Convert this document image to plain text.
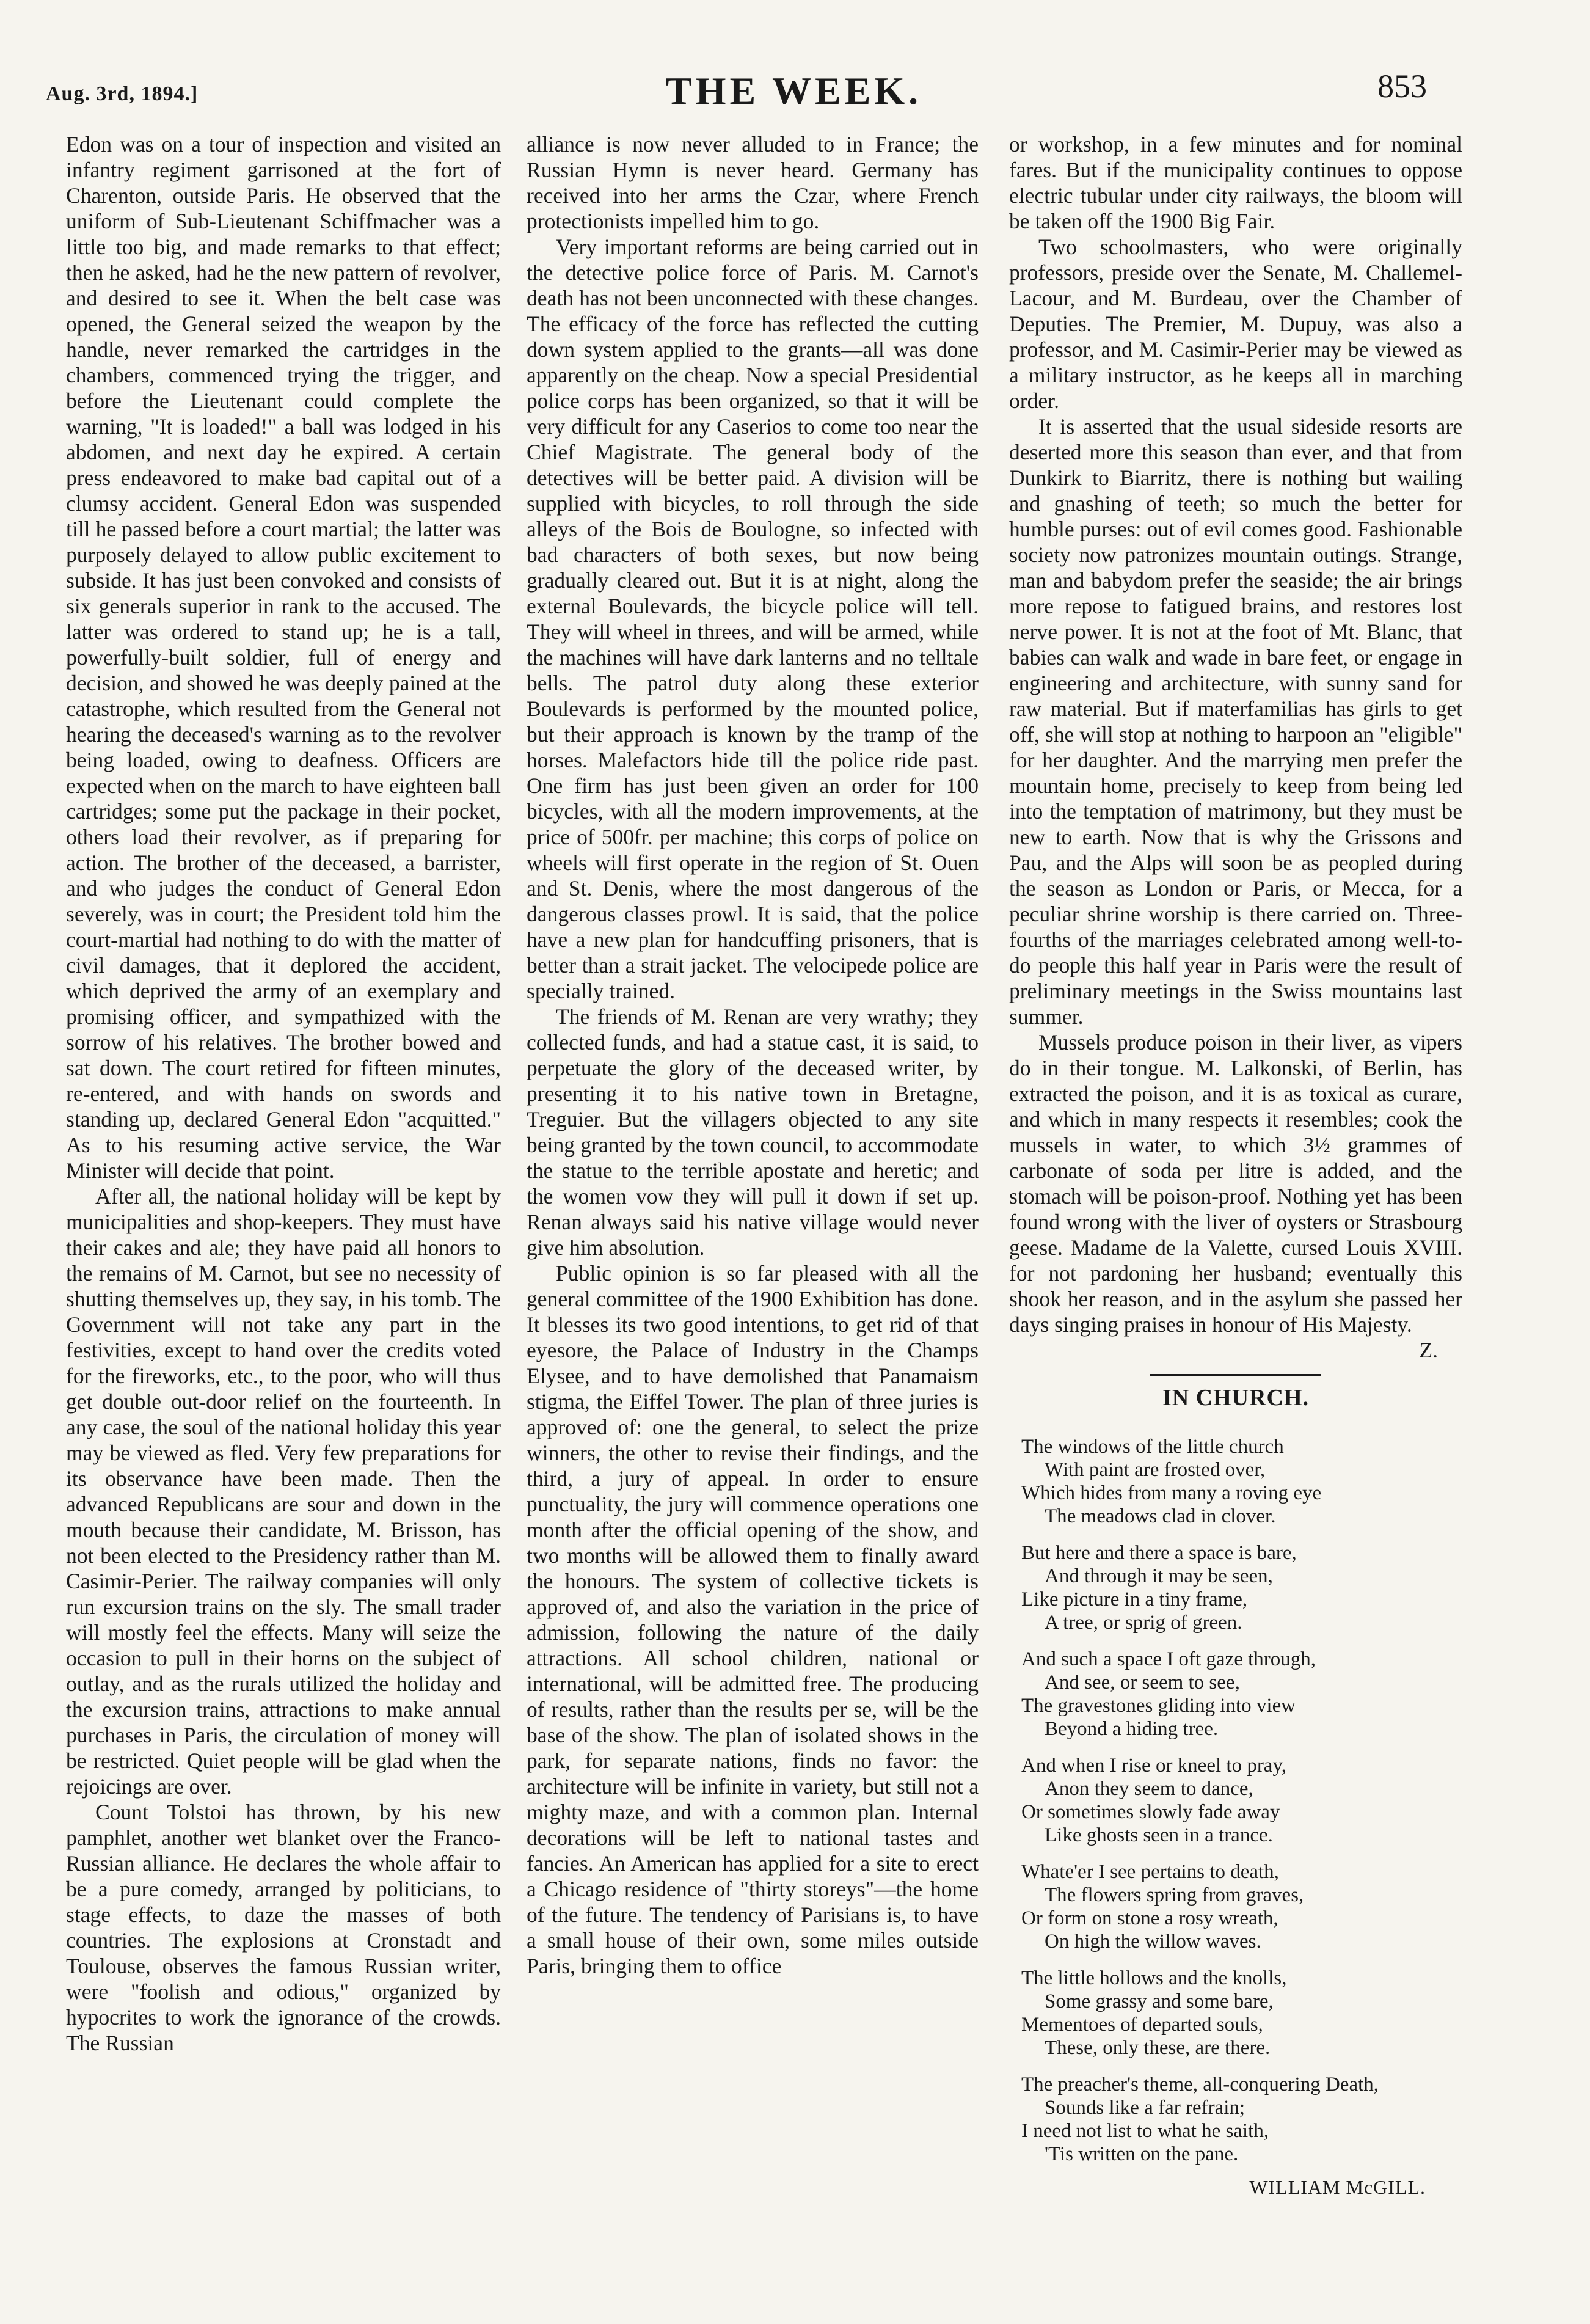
Aug. 3rd, 1894.]	THE WEEK.	853

Edon was on a tour of inspection and visited an infantry regiment garrisoned at the fort of Charenton, outside Paris. He observed that the uniform of Sub-Lieutenant Schiffmacher was a little too big, and made remarks to that effect; then he asked, had he the new pattern of revolver, and desired to see it. When the belt case was opened, the General seized the weapon by the handle, never remarked the cartridges in the chambers, commenced trying the trigger, and before the Lieutenant could complete the warning, "It is loaded!" a ball was lodged in his abdomen, and next day he expired. A certain press endeavored to make bad capital out of a clumsy accident. General Edon was suspended till he passed before a court martial; the latter was purposely delayed to allow public excitement to subside. It has just been convoked and consists of six generals superior in rank to the accused. The latter was ordered to stand up; he is a tall, powerfully-built soldier, full of energy and decision, and showed he was deeply pained at the catastrophe, which resulted from the General not hearing the deceased's warning as to the revolver being loaded, owing to deafness. Officers are expected when on the march to have eighteen ball cartridges; some put the package in their pocket, others load their revolver, as if preparing for action. The brother of the deceased, a barrister, and who judges the conduct of General Edon severely, was in court; the President told him the court-martial had nothing to do with the matter of civil damages, that it deplored the accident, which deprived the army of an exemplary and promising officer, and sympathized with the sorrow of his relatives. The brother bowed and sat down. The court retired for fifteen minutes, re-entered, and with hands on swords and standing up, declared General Edon "acquitted." As to his resuming active service, the War Minister will decide that point.

After all, the national holiday will be kept by municipalities and shop-keepers. They must have their cakes and ale; they have paid all honors to the remains of M. Carnot, but see no necessity of shutting themselves up, they say, in his tomb. The Government will not take any part in the festivities, except to hand over the credits voted for the fireworks, etc., to the poor, who will thus get double out-door relief on the fourteenth. In any case, the soul of the national holiday this year may be viewed as fled. Very few preparations for its observance have been made. Then the advanced Republicans are sour and down in the mouth because their candidate, M. Brisson, has not been elected to the Presidency rather than M. Casimir-Perier. The railway companies will only run excursion trains on the sly. The small trader will mostly feel the effects. Many will seize the occasion to pull in their horns on the subject of outlay, and as the rurals utilized the holiday and the excursion trains, attractions to make annual purchases in Paris, the circulation of money will be restricted. Quiet people will be glad when the rejoicings are over.

Count Tolstoi has thrown, by his new pamphlet, another wet blanket over the Franco-Russian alliance. He declares the whole affair to be a pure comedy, arranged by politicians, to stage effects, to daze the masses of both countries. The explosions at Cronstadt and Toulouse, observes the famous Russian writer, were "foolish and odious," organized by hypocrites to work the ignorance of the crowds. The Russian

alliance is now never alluded to in France; the Russian Hymn is never heard. Germany has received into her arms the Czar, where French protectionists impelled him to go.

Very important reforms are being carried out in the detective police force of Paris. M. Carnot's death has not been unconnected with these changes. The efficacy of the force has reflected the cutting down system applied to the grants—all was done apparently on the cheap. Now a special Presidential police corps has been organized, so that it will be very difficult for any Caserios to come too near the Chief Magistrate. The general body of the detectives will be better paid. A division will be supplied with bicycles, to roll through the side alleys of the Bois de Boulogne, so infected with bad characters of both sexes, but now being gradually cleared out. But it is at night, along the external Boulevards, the bicycle police will tell. They will wheel in threes, and will be armed, while the machines will have dark lanterns and no telltale bells. The patrol duty along these exterior Boulevards is performed by the mounted police, but their approach is known by the tramp of the horses. Malefactors hide till the police ride past. One firm has just been given an order for 100 bicycles, with all the modern improvements, at the price of 500fr. per machine; this corps of police on wheels will first operate in the region of St. Ouen and St. Denis, where the most dangerous of the dangerous classes prowl. It is said, that the police have a new plan for handcuffing prisoners, that is better than a strait jacket. The velocipede police are specially trained.

The friends of M. Renan are very wrathy; they collected funds, and had a statue cast, it is said, to perpetuate the glory of the deceased writer, by presenting it to his native town in Bretagne, Treguier. But the villagers objected to any site being granted by the town council, to accommodate the statue to the terrible apostate and heretic; and the women vow they will pull it down if set up. Renan always said his native village would never give him absolution.

Public opinion is so far pleased with all the general committee of the 1900 Exhibition has done. It blesses its two good intentions, to get rid of that eyesore, the Palace of Industry in the Champs Elysee, and to have demolished that Panamaism stigma, the Eiffel Tower. The plan of three juries is approved of: one the general, to select the prize winners, the other to revise their findings, and the third, a jury of appeal. In order to ensure punctuality, the jury will commence operations one month after the official opening of the show, and two months will be allowed them to finally award the honours. The system of collective tickets is approved of, and also the variation in the price of admission, following the nature of the daily attractions. All school children, national or international, will be admitted free. The producing of results, rather than the results per se, will be the base of the show. The plan of isolated shows in the park, for separate nations, finds no favor: the architecture will be infinite in variety, but still not a mighty maze, and with a common plan. Internal decorations will be left to national tastes and fancies. An American has applied for a site to erect a Chicago residence of "thirty storeys"—the home of the future. The tendency of Parisians is, to have a small house of their own, some miles outside Paris, bringing them to office

or workshop, in a few minutes and for nominal fares. But if the municipality continues to oppose electric tubular under city railways, the bloom will be taken off the 1900 Big Fair.

Two schoolmasters, who were originally professors, preside over the Senate, M. Challemel-Lacour, and M. Burdeau, over the Chamber of Deputies. The Premier, M. Dupuy, was also a professor, and M. Casimir-Perier may be viewed as a military instructor, as he keeps all in marching order.

It is asserted that the usual sideside resorts are deserted more this season than ever, and that from Dunkirk to Biarritz, there is nothing but wailing and gnashing of teeth; so much the better for humble purses: out of evil comes good. Fashionable society now patronizes mountain outings. Strange, man and babydom prefer the seaside; the air brings more repose to fatigued brains, and restores lost nerve power. It is not at the foot of Mt. Blanc, that babies can walk and wade in bare feet, or engage in engineering and architecture, with sunny sand for raw material. But if materfamilias has girls to get off, she will stop at nothing to harpoon an "eligible" for her daughter. And the marrying men prefer the mountain home, precisely to keep from being led into the temptation of matrimony, but they must be new to earth. Now that is why the Grissons and Pau, and the Alps will soon be as peopled during the season as London or Paris, or Mecca, for a peculiar shrine worship is there carried on. Three-fourths of the marriages celebrated among well-to-do people this half year in Paris were the result of preliminary meetings in the Swiss mountains last summer.

Mussels produce poison in their liver, as vipers do in their tongue. M. Lalkonski, of Berlin, has extracted the poison, and it is as toxical as curare, and which in many respects it resembles; cook the mussels in water, to which 3½ grammes of carbonate of soda per litre is added, and the stomach will be poison-proof. Nothing yet has been found wrong with the liver of oysters or Strasbourg geese. Madame de la Valette, cursed Louis XVIII. for not pardoning her husband; eventually this shook her reason, and in the asylum she passed her days singing praises in honour of His Majesty.

Z.
IN CHURCH.
The windows of the little church
With paint are frosted over,
Which hides from many a roving eye
The meadows clad in clover.
But here and there a space is bare,
And through it may be seen,
Like picture in a tiny frame,
A tree, or sprig of green.
And such a space I oft gaze through,
And see, or seem to see,
The gravestones gliding into view
Beyond a hiding tree.
And when I rise or kneel to pray,
Anon they seem to dance,
Or sometimes slowly fade away
Like ghosts seen in a trance.
Whate'er I see pertains to death,
The flowers spring from graves,
Or form on stone a rosy wreath,
On high the willow waves.
The little hollows and the knolls,
Some grassy and some bare,
Mementoes of departed souls,
These, only these, are there.
The preacher's theme, all-conquering Death,
Sounds like a far refrain;
I need not list to what he saith,
'Tis written on the pane.
WILLIAM McGILL.
